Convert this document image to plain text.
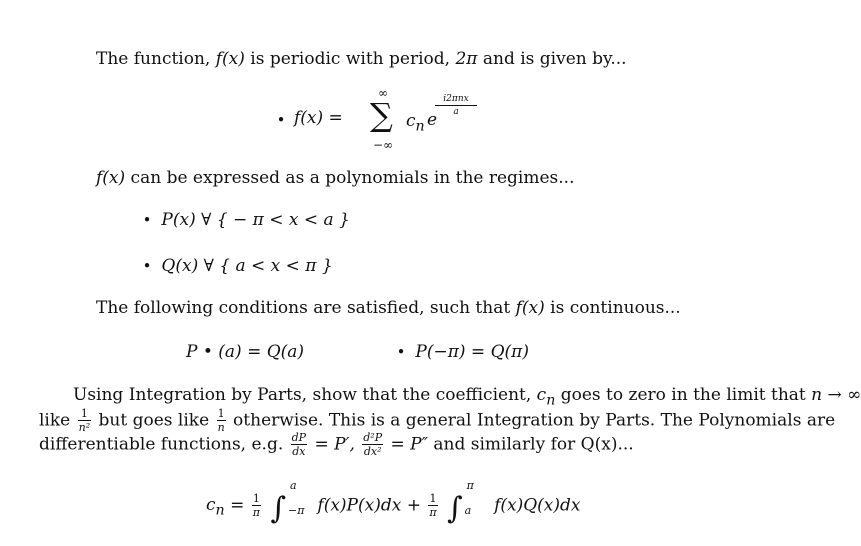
The function, f(x) is periodic with period, 2π and is given by...
• f(x) =
∞
∑
−∞
$c_n$ e
i2πnx
a
f(x) can be expressed as a polynomials in the regimes...
• P(x) ∀ { − π < x < a }
• Q(x) ∀ { a < x < π }
The following conditions are satisfied, such that f(x) is continuous...
P • (a) = Q(a)	• P(−π) = Q(π)
Using Integration by Parts, show that the coefficient, $c_n$ goes to zero in the limit that n → ∞
like $\frac{1}{\text{n²}}$ but goes like $\frac{1}{n}$ otherwise. This is a general Integration by Parts. The Polynomials are
differentiable functions, e.g. $\frac{dP}{dx} = P'$, $\frac{\text{d²P}}{\text{dx²}} = P''$ and similarly for Q(x)...
$c_n = \frac{1}{\pi}$ ∫
a
−π $f(x)P(x)dx + \frac{1}{\pi}$ ∫
π
a f(x)Q(x)dx
